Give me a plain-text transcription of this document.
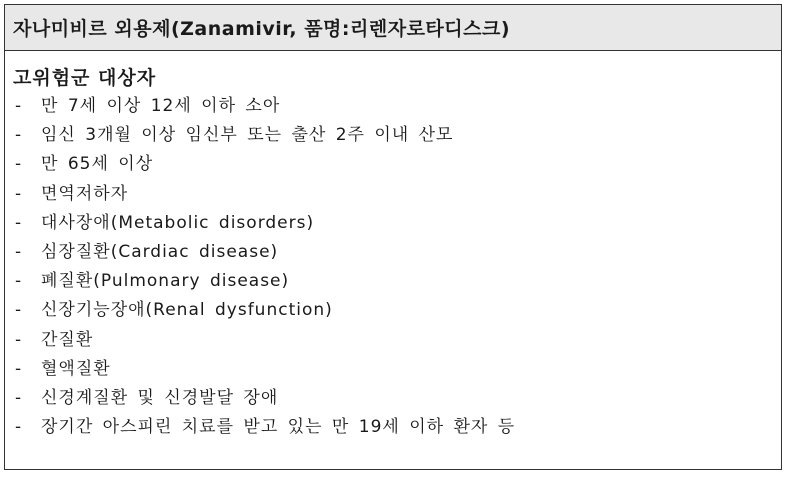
자나미비르 외용제(Zanamivir, 품명:리렌자로타디스크)
고위험군 대상자
-	만 7세 이상 12세 이하 소아
-	임신 3개월 이상 임신부 또는 출산 2주 이내 산모
-	만 65세 이상
-	면역저하자
-	대사장애(Metabolic disorders)
-	심장질환(Cardiac disease)
-	폐질환(Pulmonary disease)
-	신장기능장애(Renal dysfunction)
-	간질환
-	혈액질환
-	신경계질환 및 신경발달 장애
-	장기간 아스피린 치료를 받고 있는 만 19세 이하 환자 등
